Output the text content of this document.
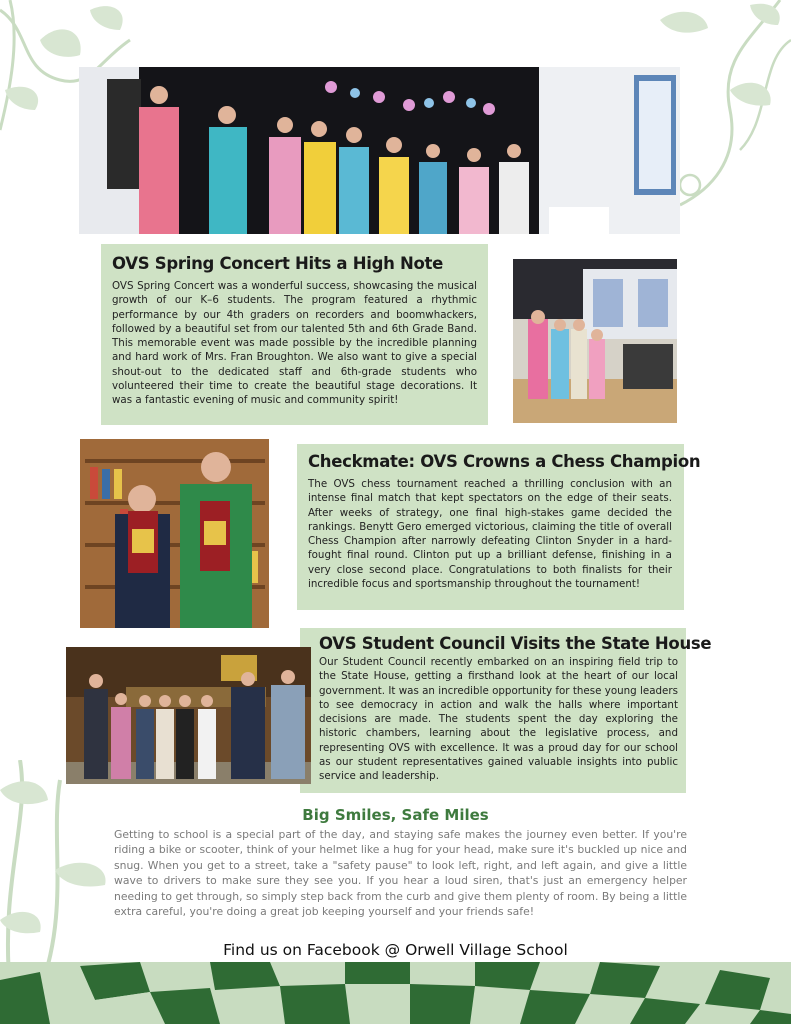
OVS Spring Concert Hits a High Note

OVS Spring Concert was a wonderful success, showcasing the musical growth of our K–6 students. The program featured a rhythmic performance by our 4th graders on recorders and boomwhackers, followed by a beautiful set from our talented 5th and 6th Grade Band. This memorable event was made possible by the incredible planning and hard work of Mrs. Fran Broughton. We also want to give a special shout-out to the dedicated staff and 6th-grade students who volunteered their time to create the beautiful stage decorations. It was a fantastic evening of music and community spirit!

Checkmate: OVS Crowns a Chess Champion

The OVS chess tournament reached a thrilling conclusion with an intense final match that kept spectators on the edge of their seats. After weeks of strategy, one final high-stakes game decided the rankings. Benytt Gero emerged victorious, claiming the title of overall Chess Champion after narrowly defeating Clinton Snyder in a hard-fought final round. Clinton put up a brilliant defense, finishing in a very close second place. Congratulations to both finalists for their incredible focus and sportsmanship throughout the tournament!

OVS Student Council Visits the State House

Our Student Council recently embarked on an inspiring field trip to the State House, getting a firsthand look at the heart of our local government. It was an incredible opportunity for these young leaders to see democracy in action and walk the halls where important decisions are made. The students spent the day exploring the historic chambers, learning about the legislative process, and representing OVS with excellence. It was a proud day for our school as our student representatives gained valuable insights into public service and leadership.

Big Smiles, Safe Miles

Getting to school is a special part of the day, and staying safe makes the journey even better. If you're riding a bike or scooter, think of your helmet like a hug for your head, make sure it's buckled up nice and snug. When you get to a street, take a "safety pause" to look left, right, and left again, and give a little wave to drivers to make sure they see you. If you hear a loud siren, that's just an emergency helper needing to get through, so simply step back from the curb and give them plenty of room. By being a little extra careful, you're doing a great job keeping yourself and your friends safe!

Find us on Facebook @ Orwell Village School
